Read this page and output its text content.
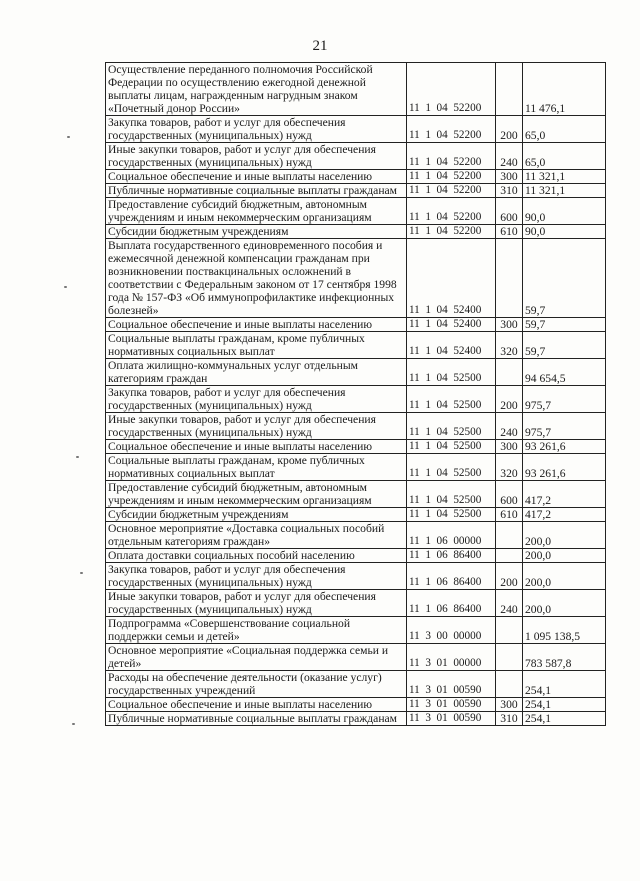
21
Осуществление переданного полномочия Российской Федерации по осуществлению ежегодной денежной выплаты лицам, награжденным нагрудным знаком «Почетный донор России»	11  1  04  52200		11 476,1
Закупка товаров, работ и услуг для обеспечения государственных (муниципальных) нужд	11  1  04  52200	200	65,0
Иные закупки товаров, работ и услуг для обеспечения государственных (муниципальных) нужд	11  1  04  52200	240	65,0
Социальное обеспечение и иные выплаты населению	11  1  04  52200	300	11 321,1
Публичные нормативные социальные выплаты гражданам	11  1  04  52200	310	11 321,1
Предоставление субсидий бюджетным, автономным учреждениям и иным некоммерческим организациям	11  1  04  52200	600	90,0
Субсидии бюджетным учреждениям	11  1  04  52200	610	90,0
Выплата государственного единовременного пособия и ежемесячной денежной компенсации гражданам при возникновении поствакцинальных осложнений в соответствии с Федеральным законом от 17 сентября 1998 года № 157-ФЗ «Об иммунопрофилактике инфекционных болезней»	11  1  04  52400		59,7
Социальное обеспечение и иные выплаты населению	11  1  04  52400	300	59,7
Социальные выплаты гражданам, кроме публичных нормативных социальных выплат	11  1  04  52400	320	59,7
Оплата жилищно-коммунальных услуг отдельным категориям граждан	11  1  04  52500		94 654,5
Закупка товаров, работ и услуг для обеспечения государственных (муниципальных) нужд	11  1  04  52500	200	975,7
Иные закупки товаров, работ и услуг для обеспечения государственных (муниципальных) нужд	11  1  04  52500	240	975,7
Социальное обеспечение и иные выплаты населению	11  1  04  52500	300	93 261,6
Социальные выплаты гражданам, кроме публичных нормативных социальных выплат	11  1  04  52500	320	93 261,6
Предоставление субсидий бюджетным, автономным учреждениям и иным некоммерческим организациям	11  1  04  52500	600	417,2
Субсидии бюджетным учреждениям	11  1  04  52500	610	417,2
Основное мероприятие «Доставка социальных пособий отдельным категориям граждан»	11  1  06  00000		200,0
Оплата доставки социальных пособий населению	11  1  06  86400		200,0
Закупка товаров, работ и услуг для обеспечения государственных (муниципальных) нужд	11  1  06  86400	200	200,0
Иные закупки товаров, работ и услуг для обеспечения государственных (муниципальных) нужд	11  1  06  86400	240	200,0
Подпрограмма «Совершенствование социальной поддержки семьи и детей»	11  3  00  00000		1 095 138,5
Основное мероприятие «Социальная поддержка семьи и детей»	11  3  01  00000		783 587,8
Расходы на обеспечение деятельности (оказание услуг) государственных учреждений	11  3  01  00590		254,1
Социальное обеспечение и иные выплаты населению	11  3  01  00590	300	254,1
Публичные нормативные социальные выплаты гражданам	11  3  01  00590	310	254,1
